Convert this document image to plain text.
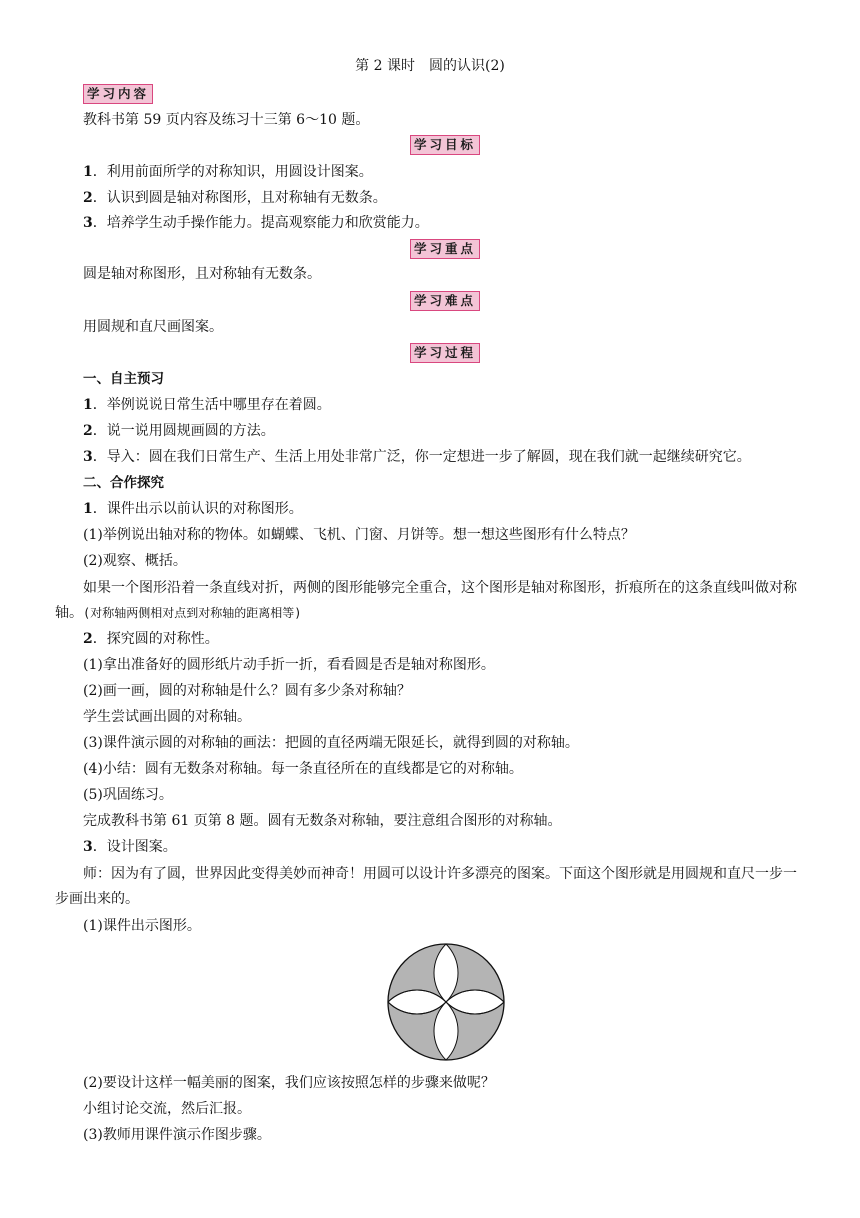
第 2 课时　圆的认识(2)
学习内容
教科书第 59 页内容及练习十三第 6～10 题。
学习目标
1．利用前面所学的对称知识，用圆设计图案。
2．认识到圆是轴对称图形，且对称轴有无数条。
3．培养学生动手操作能力。提高观察能力和欣赏能力。
学习重点
圆是轴对称图形，且对称轴有无数条。
学习难点
用圆规和直尺画图案。
学习过程
一、自主预习
1．举例说说日常生活中哪里存在着圆。
2．说一说用圆规画圆的方法。
3．导入：圆在我们日常生产、生活上用处非常广泛，你一定想进一步了解圆，现在我们就一起继续研究它。
二、合作探究
1．课件出示以前认识的对称图形。
(1)举例说出轴对称的物体。如蝴蝶、飞机、门窗、月饼等。想一想这些图形有什么特点？
(2)观察、概括。
如果一个图形沿着一条直线对折，两侧的图形能够完全重合，这个图形是轴对称图形，折痕所在的这条直线叫做对称轴。(对称轴两侧相对点到对称轴的距离相等)
2．探究圆的对称性。
(1)拿出准备好的圆形纸片动手折一折，看看圆是否是轴对称图形。
(2)画一画，圆的对称轴是什么？圆有多少条对称轴？
学生尝试画出圆的对称轴。
(3)课件演示圆的对称轴的画法：把圆的直径两端无限延长，就得到圆的对称轴。
(4)小结：圆有无数条对称轴。每一条直径所在的直线都是它的对称轴。
(5)巩固练习。
完成教科书第 61 页第 8 题。圆有无数条对称轴，要注意组合图形的对称轴。
3．设计图案。
师：因为有了圆，世界因此变得美妙而神奇！用圆可以设计许多漂亮的图案。下面这个图形就是用圆规和直尺一步一步画出来的。
(1)课件出示图形。
(2)要设计这样一幅美丽的图案，我们应该按照怎样的步骤来做呢？
小组讨论交流，然后汇报。
(3)教师用课件演示作图步骤。
